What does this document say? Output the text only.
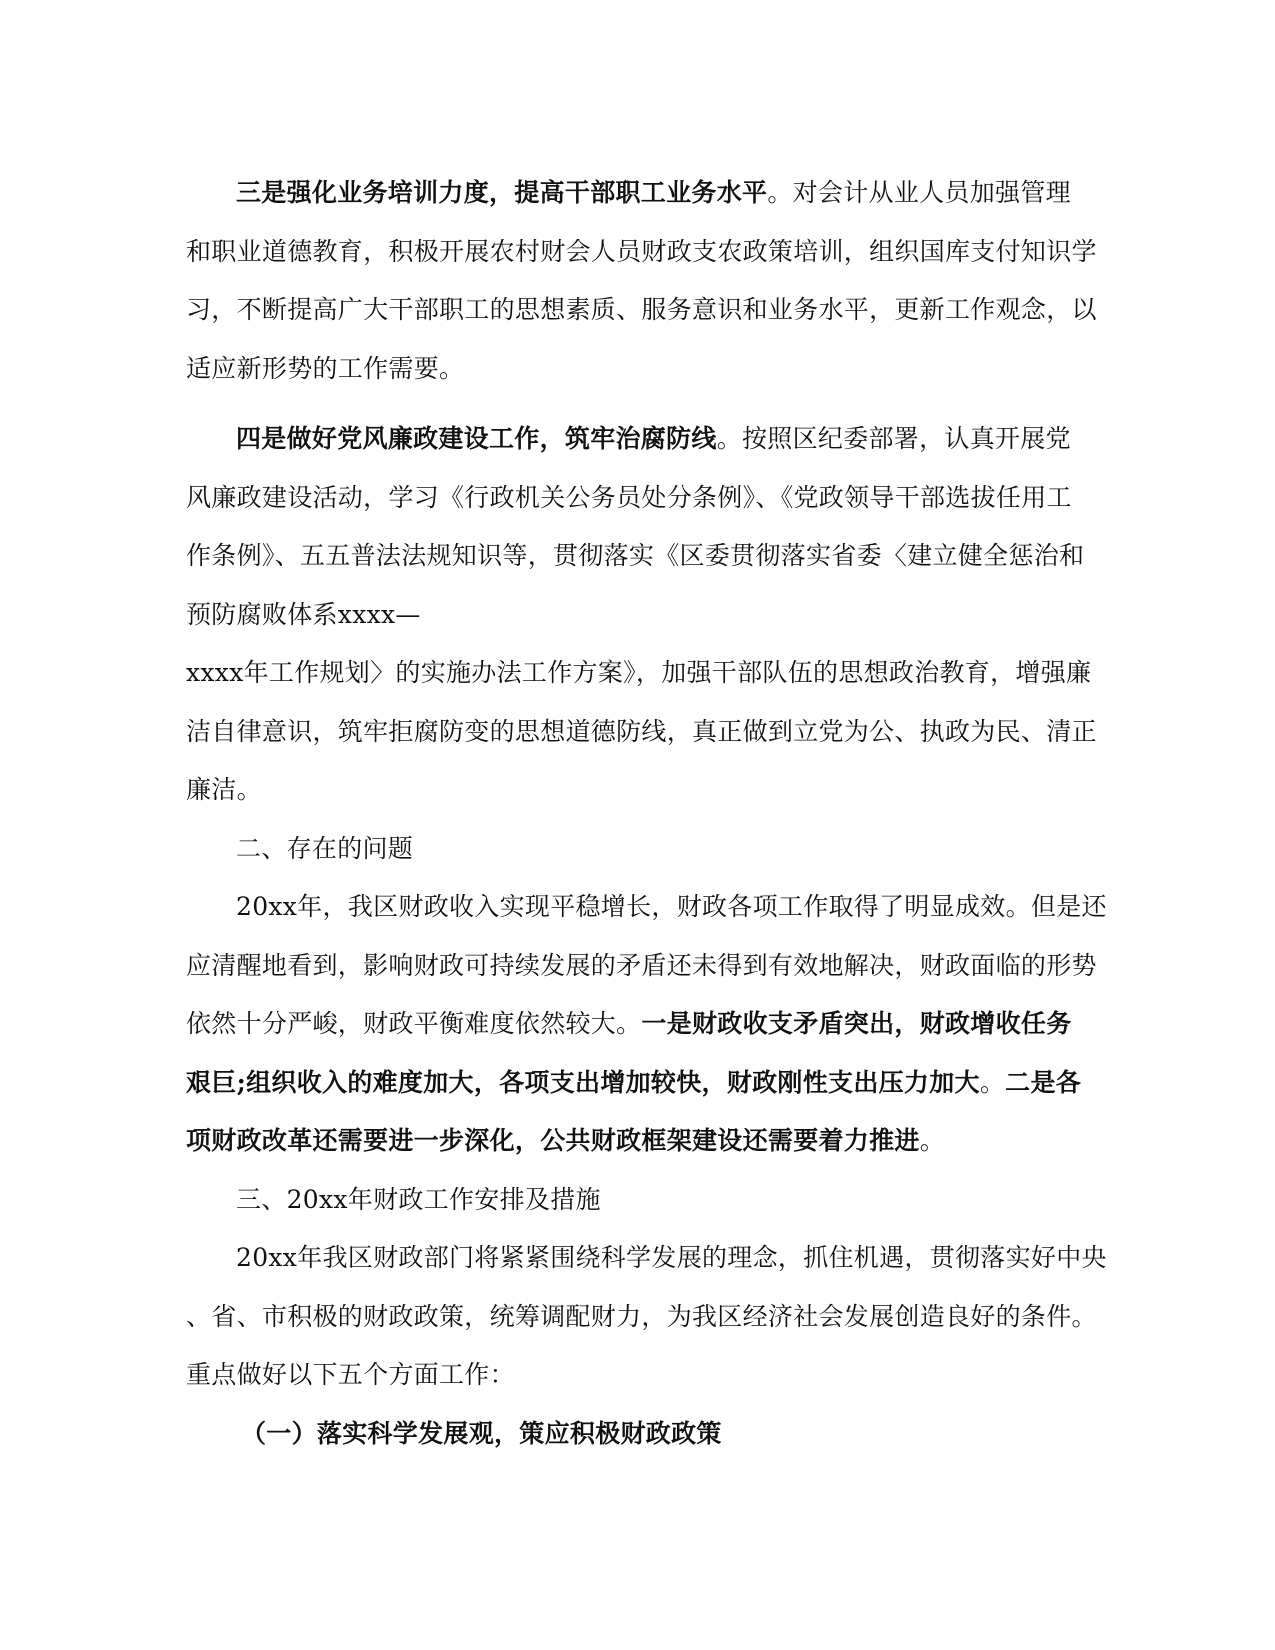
三是强化业务培训力度，提高干部职工业务水平。对会计从业人员加强管理
和职业道德教育，积极开展农村财会人员财政支农政策培训，组织国库支付知识学
习，不断提高广大干部职工的思想素质、服务意识和业务水平，更新工作观念，以
适应新形势的工作需要。
四是做好党风廉政建设工作，筑牢治腐防线。按照区纪委部署，认真开展党
风廉政建设活动，学习《行政机关公务员处分条例》、《党政领导干部选拔任用工
作条例》、五五普法法规知识等，贯彻落实《区委贯彻落实省委〈建立健全惩治和
预防腐败体系xxxx—
xxxx年工作规划〉的实施办法工作方案》，加强干部队伍的思想政治教育，增强廉
洁自律意识，筑牢拒腐防变的思想道德防线，真正做到立党为公、执政为民、清正
廉洁。
二、存在的问题
20xx年，我区财政收入实现平稳增长，财政各项工作取得了明显成效。但是还
应清醒地看到，影响财政可持续发展的矛盾还未得到有效地解决，财政面临的形势
依然十分严峻，财政平衡难度依然较大。一是财政收支矛盾突出，财政增收任务
艰巨;组织收入的难度加大，各项支出增加较快，财政刚性支出压力加大。二是各
项财政改革还需要进一步深化，公共财政框架建设还需要着力推进。
三、20xx年财政工作安排及措施
20xx年我区财政部门将紧紧围绕科学发展的理念，抓住机遇，贯彻落实好中央
、省、市积极的财政政策，统筹调配财力，为我区经济社会发展创造良好的条件。
重点做好以下五个方面工作：
（一）落实科学发展观，策应积极财政政策
